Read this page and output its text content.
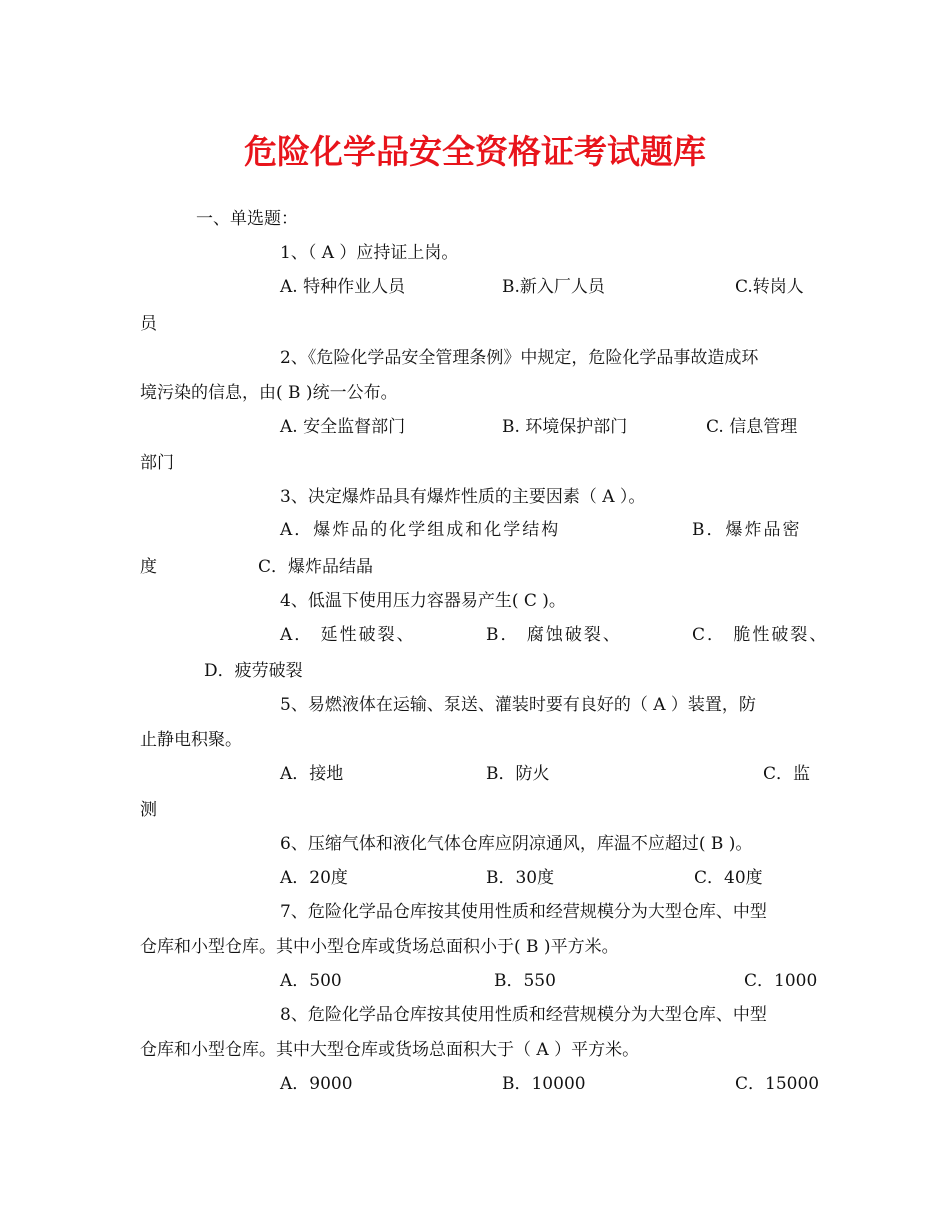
危险化学品安全资格证考试题库
一、单选题：
1、（ A ）应持证上岗。
A. 特种作业人员	B.新入厂人员	C.转岗人
员
2、《危险化学品安全管理条例》中规定，危险化学品事故造成环
境污染的信息，由( B )统一公布。
A. 安全监督部门	B. 环境保护部门	C. 信息管理
部门
3、决定爆炸品具有爆炸性质的主要因素（ A ）。
A．爆炸品的化学组成和化学结构	B．爆炸品密
度	C．爆炸品结晶
4、低温下使用压力容器易产生( C )。
A． 延性破裂、	B． 腐蚀破裂、	C． 脆性破裂、
D．疲劳破裂
5、易燃液体在运输、泵送、灌装时要有良好的（ A ）装置，防
止静电积聚。
A．接地	B．防火	C．监
测
6、压缩气体和液化气体仓库应阴凉通风，库温不应超过( B )。
A．20度	B．30度	C．40度
7、危险化学品仓库按其使用性质和经营规模分为大型仓库、中型
仓库和小型仓库。其中小型仓库或货场总面积小于( B )平方米。
A．500	B．550	C．1000
8、危险化学品仓库按其使用性质和经营规模分为大型仓库、中型
仓库和小型仓库。其中大型仓库或货场总面积大于（ A ）平方米。
A．9000	B．10000	C．15000
